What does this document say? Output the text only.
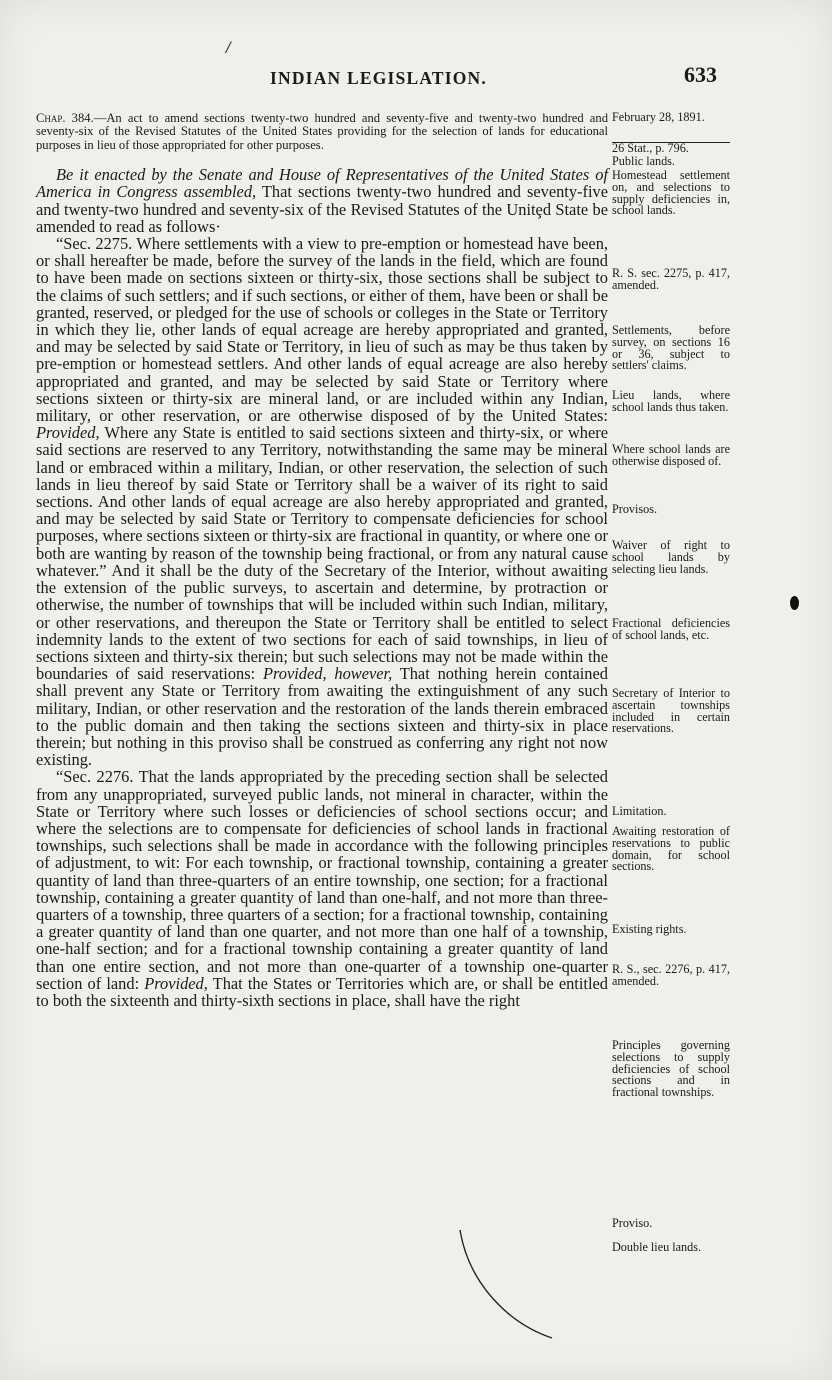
/
INDIAN LEGISLATION.	633
Chap. 384.—An act to amend sections twenty-two hundred and seventy-five and twenty-two hundred and seventy-six of the Revised Statutes of the United States providing for the selection of lands for educational purposes in lieu of those appropriated for other purposes.

Be it enacted by the Senate and House of Representatives of the United States of America in Congress assembled, That sections twenty-two hundred and seventy-five and twenty-two hundred and seventy-six of the Revised Statutes of the Unitȩd State be amended to read as follows·

“Sec. 2275. Where settlements with a view to pre-emption or homestead have been, or shall hereafter be made, before the survey of the lands in the field, which are found to have been made on sections sixteen or thirty-six, those sections shall be subject to the claims of such settlers; and if such sections, or either of them, have been or shall be granted, reserved, or pledged for the use of schools or colleges in the State or Territory in which they lie, other lands of equal acreage are hereby appropriated and granted, and may be selected by said State or Territory, in lieu of such as may be thus taken by pre-emption or homestead settlers. And other lands of equal acreage are also hereby appropriated and granted, and may be selected by said State or Territory where sections sixteen or thirty-six are mineral land, or are included within any Indian, military, or other reservation, or are otherwise disposed of by the United States: Provided, Where any State is entitled to said sections sixteen and thirty-six, or where said sections are reserved to any Territory, notwithstanding the same may be mineral land or embraced within a military, Indian, or other reservation, the selection of such lands in lieu thereof by said State or Territory shall be a waiver of its right to said sections. And other lands of equal acreage are also hereby appropriated and granted, and may be selected by said State or Territory to compensate deficiencies for school purposes, where sections sixteen or thirty-six are fractional in quantity, or where one or both are wanting by reason of the township being fractional, or from any natural cause whatever.” And it shall be the duty of the Secretary of the Interior, without awaiting the extension of the public surveys, to ascertain and determine, by protraction or otherwise, the number of townships that will be included within such Indian, military, or other reservations, and thereupon the State or Territory shall be entitled to select indemnity lands to the extent of two sections for each of said townships, in lieu of sections sixteen and thirty-six therein; but such selections may not be made within the boundaries of said reservations: Provided, however, That nothing herein contained shall prevent any State or Territory from awaiting the extinguishment of any such military, Indian, or other reservation and the restoration of the lands therein embraced to the public domain and then taking the sections sixteen and thirty-six in place therein; but nothing in this proviso shall be construed as conferring any right not now existing.

“Sec. 2276. That the lands appropriated by the preceding section shall be selected from any unappropriated, surveyed public lands, not mineral in character, within the State or Territory where such losses or deficiencies of school sections occur; and where the selections are to compensate for deficiencies of school lands in fractional townships, such selections shall be made in accordance with the following principles of adjustment, to wit: For each township, or fractional township, containing a greater quantity of land than three-quarters of an entire township, one section; for a fractional township, containing a greater quantity of land than one-half, and not more than three-quarters of a township, three quarters of a section; for a fractional township, containing a greater quantity of land than one quarter, and not more than one half of a township, one-half section; and for a fractional township containing a greater quantity of land than one entire section, and not more than one-quarter of a township one-quarter section of land: Provided, That the States or Territories which are, or shall be entitled to both the sixteenth and thirty-sixth sections in place, shall have the right

February 28, 1891.
26 Stat., p. 796.
Public lands.
Homestead settlement on, and selections to supply deficiencies in, school lands.
R. S. sec. 2275, p. 417, amended.
Settlements, before survey, on sections 16 or 36, subject to settlers' claims.
Lieu lands, where school lands thus taken.
Where school lands are otherwise disposed of.
Provisos.
Waiver of right to school lands by selecting lieu lands.
Fractional deficiencies of school lands, etc.
Secretary of Interior to ascertain townships included in certain reservations.
Limitation.
Awaiting restoration of reservations to public domain, for school sections.
Existing rights.
R. S., sec. 2276, p. 417, amended.
Principles governing selections to supply deficiencies of school sections and in fractional townships.
Proviso.
Double lieu lands.
